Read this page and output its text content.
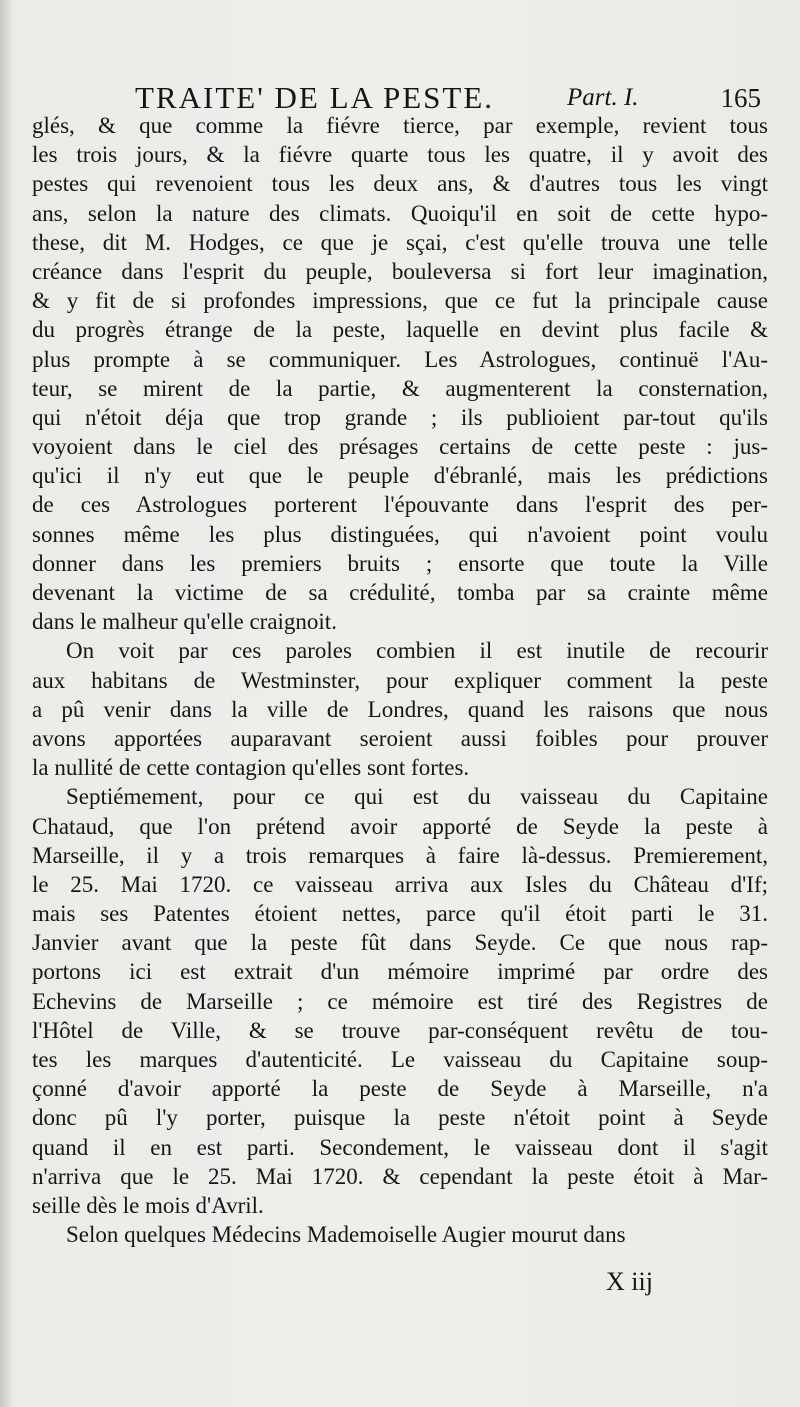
TRAITE' DE LA PESTE.	Part. I.	165
glés, & que comme la fiévre tierce, par exemple, revient tous
les trois jours, & la fiévre quarte tous les quatre, il y avoit des
pestes qui revenoient tous les deux ans, & d'autres tous les vingt
ans, selon la nature des climats. Quoiqu'il en soit de cette hypo-
these, dit M. Hodges, ce que je sçai, c'est qu'elle trouva une telle
créance dans l'esprit du peuple, bouleversa si fort leur imagination,
& y fit de si profondes impressions, que ce fut la principale cause
du progrès étrange de la peste, laquelle en devint plus facile &
plus prompte à se communiquer. Les Astrologues, continuë l'Au-
teur, se mirent de la partie, & augmenterent la consternation,
qui n'étoit déja que trop grande ; ils publioient par-tout qu'ils
voyoient dans le ciel des présages certains de cette peste : jus-
qu'ici il n'y eut que le peuple d'ébranlé, mais les prédictions
de ces Astrologues porterent l'épouvante dans l'esprit des per-
sonnes même les plus distinguées, qui n'avoient point voulu
donner dans les premiers bruits ; ensorte que toute la Ville
devenant la victime de sa crédulité, tomba par sa crainte même
dans le malheur qu'elle craignoit.
On voit par ces paroles combien il est inutile de recourir
aux habitans de Westminster, pour expliquer comment la peste
a pû venir dans la ville de Londres, quand les raisons que nous
avons apportées auparavant seroient aussi foibles pour prouver
la nullité de cette contagion qu'elles sont fortes.
Septiémement, pour ce qui est du vaisseau du Capitaine
Chataud, que l'on prétend avoir apporté de Seyde la peste à
Marseille, il y a trois remarques à faire là-dessus. Premierement,
le 25. Mai 1720. ce vaisseau arriva aux Isles du Château d'If;
mais ses Patentes étoient nettes, parce qu'il étoit parti le 31.
Janvier avant que la peste fût dans Seyde. Ce que nous rap-
portons ici est extrait d'un mémoire imprimé par ordre des
Echevins de Marseille ; ce mémoire est tiré des Registres de
l'Hôtel de Ville, & se trouve par-conséquent revêtu de tou-
tes les marques d'autenticité. Le vaisseau du Capitaine soup-
çonné d'avoir apporté la peste de Seyde à Marseille, n'a
donc pû l'y porter, puisque la peste n'étoit point à Seyde
quand il en est parti. Secondement, le vaisseau dont il s'agit
n'arriva que le 25. Mai 1720. & cependant la peste étoit à Mar-
seille dès le mois d'Avril.
Selon quelques Médecins Mademoiselle Augier mourut dans
X iij
